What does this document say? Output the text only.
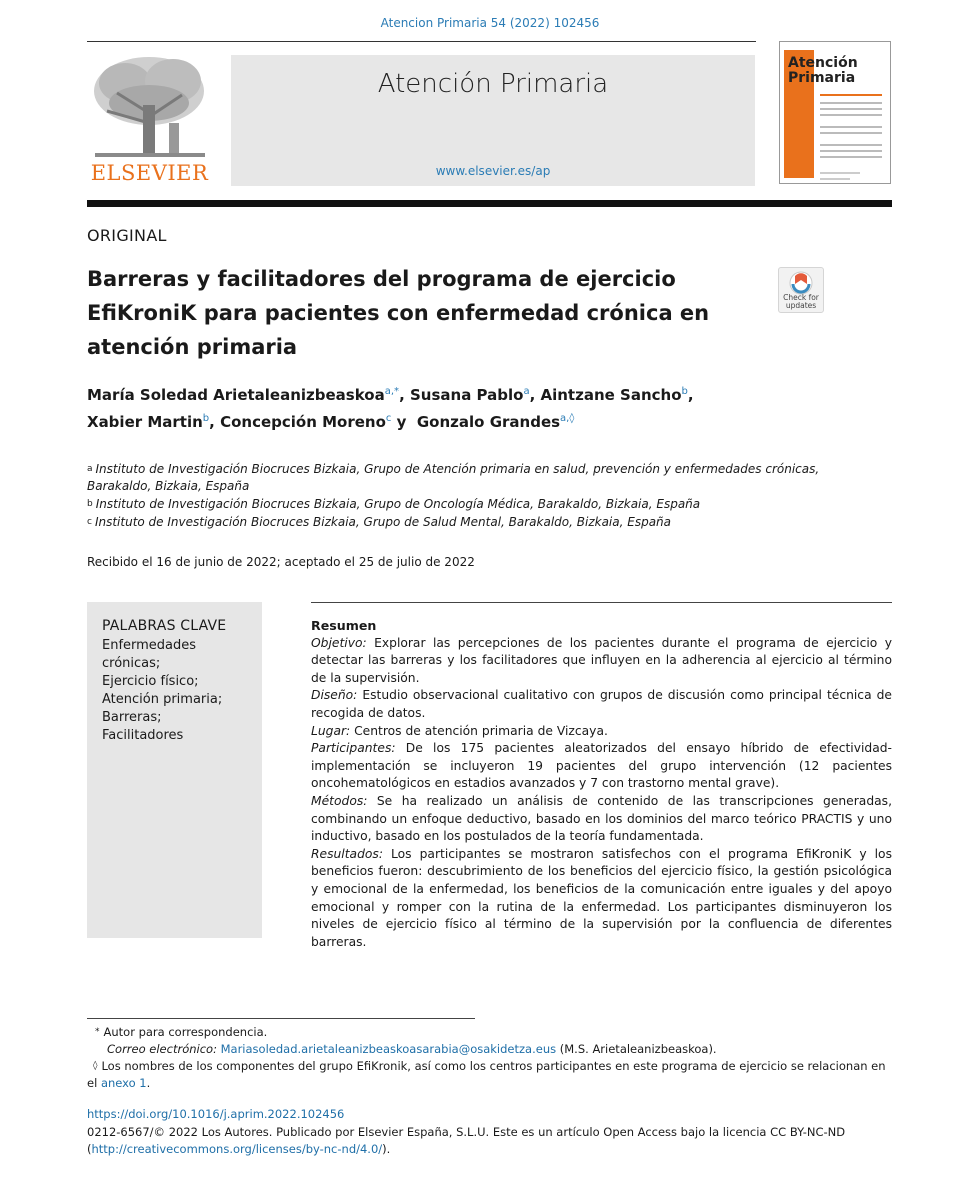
Atencion Primaria 54 (2022) 102456
ELSEVIER
Atención Primaria
www.elsevier.es/ap
Atención Primaria
ORIGINAL
Barreras y facilitadores del programa de ejercicio EfiKroniK para pacientes con enfermedad crónica en atención primaria
Check for updates
María Soledad Arietaleanizbeaskoa$^{a,*}$, Susana Pablo$^a$, Aintzane Sancho$^b$,
Xabier Martin$^b$, Concepción Moreno$^c$ y  Gonzalo Grandes$^{a,◊}$
$^a$ Instituto de Investigación Biocruces Bizkaia, Grupo de Atención primaria en salud, prevención y enfermedades crónicas, Barakaldo, Bizkaia, España
$^b$ Instituto de Investigación Biocruces Bizkaia, Grupo de Oncología Médica, Barakaldo, Bizkaia, España
$^c$ Instituto de Investigación Biocruces Bizkaia, Grupo de Salud Mental, Barakaldo, Bizkaia, España
Recibido el 16 de junio de 2022; aceptado el 25 de julio de 2022
PALABRAS CLAVE
Enfermedades
crónicas;
Ejercicio físico;
Atención primaria;
Barreras;
Facilitadores
Resumen
Objetivo: Explorar las percepciones de los pacientes durante el programa de ejercicio y detectar las barreras y los facilitadores que influyen en la adherencia al ejercicio al término de la supervisión.
Diseño: Estudio observacional cualitativo con grupos de discusión como principal técnica de recogida de datos.
Lugar: Centros de atención primaria de Vizcaya.
Participantes: De los 175 pacientes aleatorizados del ensayo híbrido de efectividad-implementación se incluyeron 19 pacientes del grupo intervención (12 pacientes oncohematológicos en estadios avanzados y 7 con trastorno mental grave).
Métodos: Se ha realizado un análisis de contenido de las transcripciones generadas, combinando un enfoque deductivo, basado en los dominios del marco teórico PRACTIS y uno inductivo, basado en los postulados de la teoría fundamentada.
Resultados: Los participantes se mostraron satisfechos con el programa EfiKroniK y los beneficios fueron: descubrimiento de los beneficios del ejercicio físico, la gestión psicológica y emocional de la enfermedad, los beneficios de la comunicación entre iguales y del apoyo emocional y romper con la rutina de la enfermedad. Los participantes disminuyeron los niveles de ejercicio físico al término de la supervisión por la confluencia de diferentes barreras.
* Autor para correspondencia.
Correo electrónico: Mariasoledad.arietaleanizbeaskoasarabia@osakidetza.eus (M.S. Arietaleanizbeaskoa).
◊ Los nombres de los componentes del grupo EfiKronik, así como los centros participantes en este programa de ejercicio se relacionan en el anexo 1.
https://doi.org/10.1016/j.aprim.2022.102456
0212-6567/© 2022 Los Autores. Publicado por Elsevier España, S.L.U. Este es un artículo Open Access bajo la licencia CC BY-NC-ND (http://creativecommons.org/licenses/by-nc-nd/4.0/).
